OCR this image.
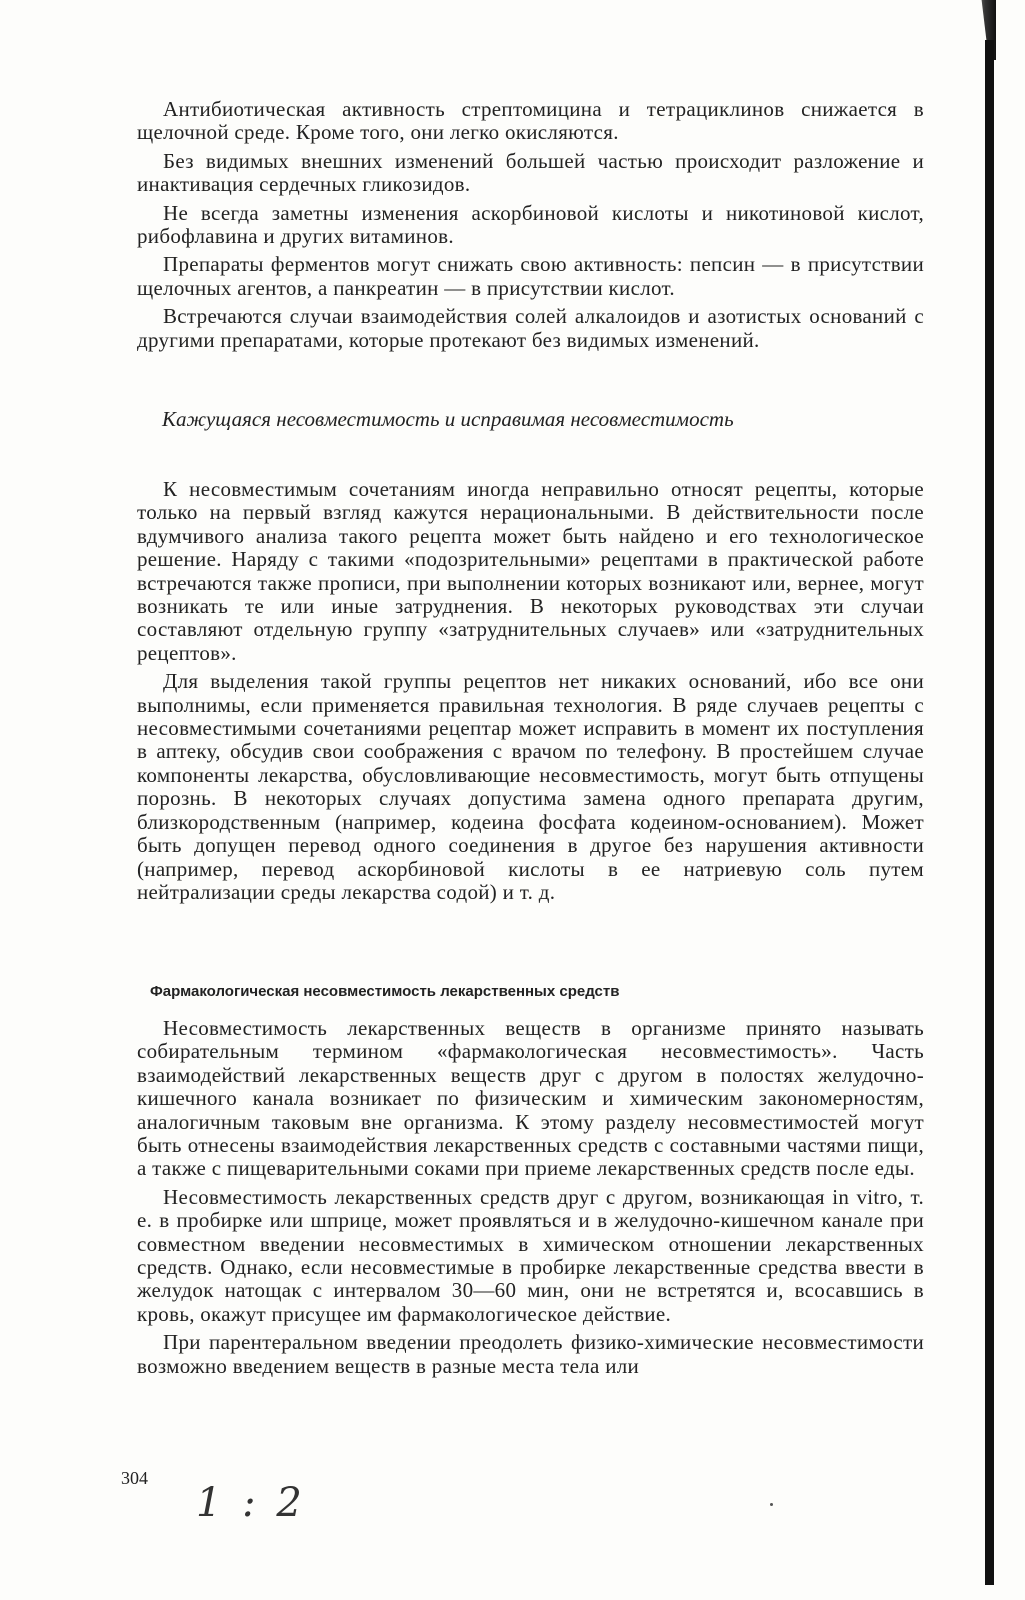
Антибиотическая активность стрептомицина и тетрациклинов снижается в щелочной среде. Кроме того, они легко окисляются.

Без видимых внешних изменений большей частью происходит разложение и инактивация сердечных гликозидов.

Не всегда заметны изменения аскорбиновой кислоты и никотиновой кислот, рибофлавина и других витаминов.

Препараты ферментов могут снижать свою активность: пепсин — в присутствии щелочных агентов, а панкреатин — в присутствии кислот.

Встречаются случаи взаимодействия солей алкалоидов и азотистых оснований с другими препаратами, которые протекают без видимых изменений.

Кажущаяся несовместимость и исправимая несовместимость

К несовместимым сочетаниям иногда неправильно относят рецепты, которые только на первый взгляд кажутся нерациональными. В действительности после вдумчивого анализа такого рецепта может быть найдено и его технологическое решение. Наряду с такими «подозрительными» рецептами в практической работе встречаются также прописи, при выполнении которых возникают или, вернее, могут возникать те или иные затруднения. В некоторых руководствах эти случаи составляют отдельную группу «затруднительных случаев» или «затруднительных рецептов».

Для выделения такой группы рецептов нет никаких оснований, ибо все они выполнимы, если применяется правильная технология. В ряде случаев рецепты с несовместимыми сочетаниями рецептар может исправить в момент их поступления в аптеку, обсудив свои соображения с врачом по телефону. В простейшем случае компоненты лекарства, обусловливающие несовместимость, могут быть отпущены порознь. В некоторых случаях допустима замена одного препарата другим, близкородственным (например, кодеина фосфата кодеином-основанием). Может быть допущен перевод одного соединения в другое без нарушения активности (например, перевод аскорбиновой кислоты в ее натриевую соль путем нейтрализации среды лекарства содой) и т. д.

Фармакологическая несовместимость лекарственных средств

Несовместимость лекарственных веществ в организме принято называть собирательным термином «фармакологическая несовместимость». Часть взаимодействий лекарственных веществ друг с другом в полостях желудочно-кишечного канала возникает по физическим и химическим закономерностям, аналогичным таковым вне организма. К этому разделу несовместимостей могут быть отнесены взаимодействия лекарственных средств с составными частями пищи, а также с пищеварительными соками при приеме лекарственных средств после еды.

Несовместимость лекарственных средств друг с другом, возникающая in vitro, т. е. в пробирке или шприце, может проявляться и в желудочно-кишечном канале при совместном введении несовместимых в химическом отношении лекарственных средств. Однако, если несовместимые в пробирке лекарственные средства ввести в желудок натощак с интервалом 30—60 мин, они не встретятся и, всосавшись в кровь, окажут присущее им фармакологическое действие.

При парентеральном введении преодолеть физико-химические несовместимости возможно введением веществ в разные места тела или

304
1 : 2
